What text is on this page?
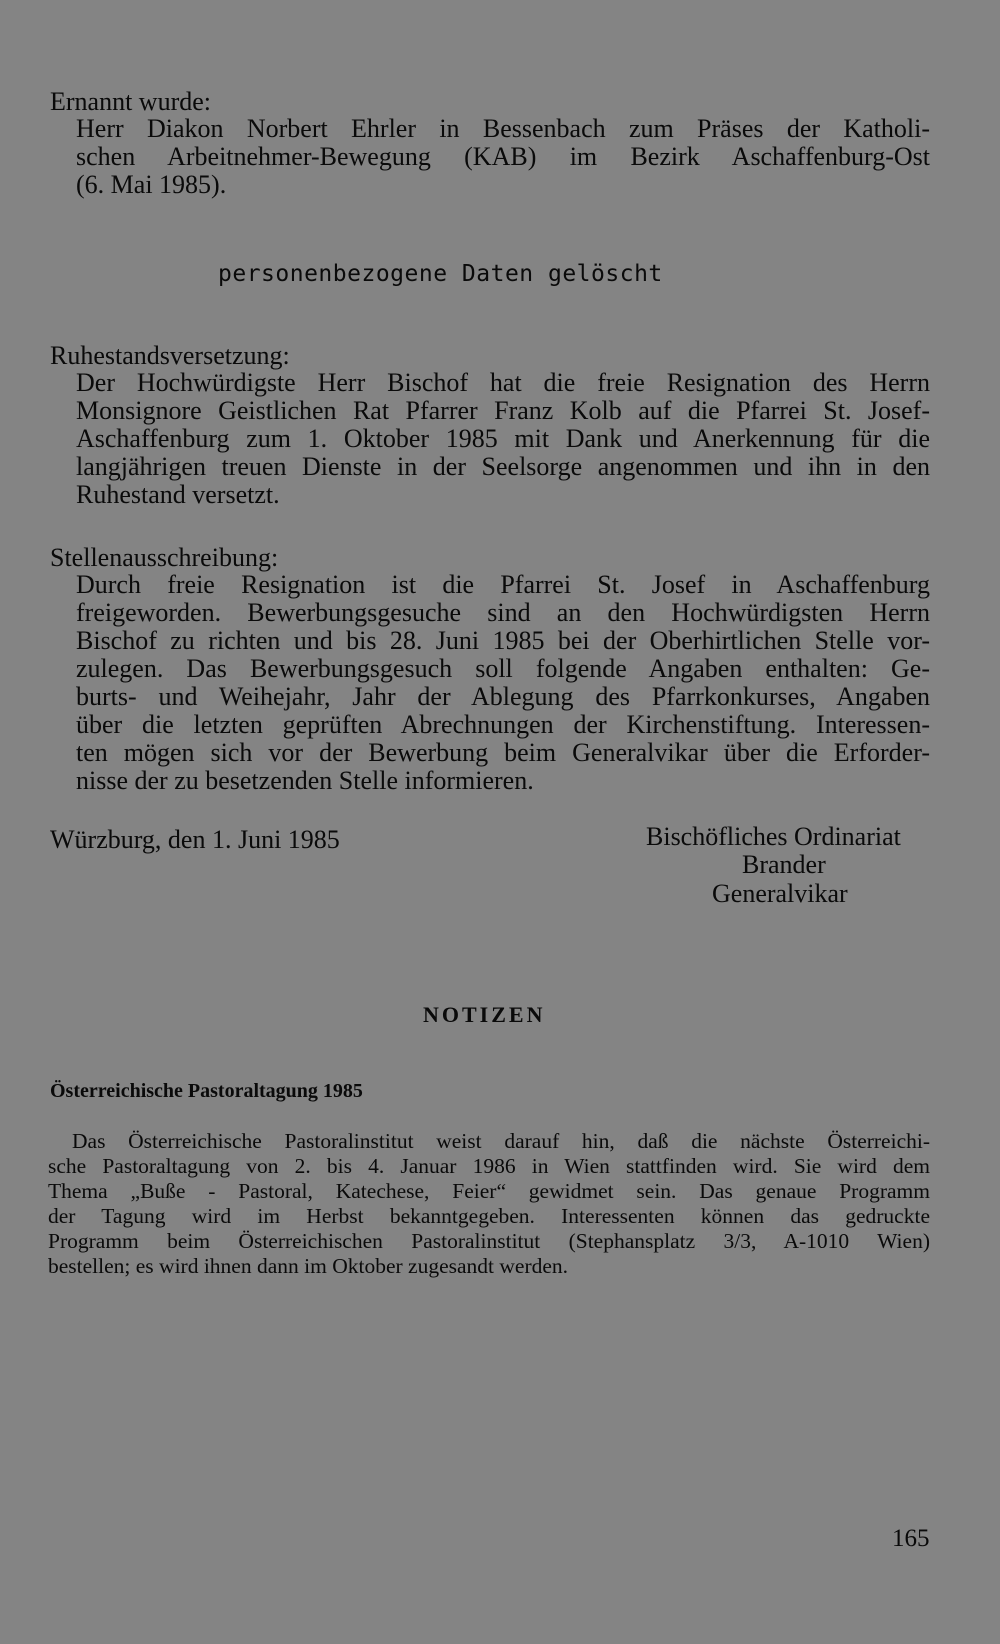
Ernannt wurde:
Herr Diakon Norbert Ehrler in Bessenbach zum Präses der Katholi-
schen Arbeitnehmer-Bewegung (KAB) im Bezirk Aschaffenburg-Ost
(6. Mai 1985).
personenbezogene Daten gelöscht
Ruhestandsversetzung:
Der Hochwürdigste Herr Bischof hat die freie Resignation des Herrn
Monsignore Geistlichen Rat Pfarrer Franz Kolb auf die Pfarrei St. Josef-
Aschaffenburg zum 1. Oktober 1985 mit Dank und Anerkennung für die
langjährigen treuen Dienste in der Seelsorge angenommen und ihn in den
Ruhestand versetzt.
Stellenausschreibung:
Durch freie Resignation ist die Pfarrei St. Josef in Aschaffenburg
freigeworden. Bewerbungsgesuche sind an den Hochwürdigsten Herrn
Bischof zu richten und bis 28. Juni 1985 bei der Oberhirtlichen Stelle vor-
zulegen. Das Bewerbungsgesuch soll folgende Angaben enthalten: Ge-
burts- und Weihejahr, Jahr der Ablegung des Pfarrkonkurses, Angaben
über die letzten geprüften Abrechnungen der Kirchenstiftung. Interessen-
ten mögen sich vor der Bewerbung beim Generalvikar über die Erforder-
nisse der zu besetzenden Stelle informieren.
Würzburg, den 1. Juni 1985	Bischöfliches Ordinariat
Brander
Generalvikar
NOTIZEN
Österreichische Pastoraltagung 1985
Das Österreichische Pastoralinstitut weist darauf hin, daß die nächste Österreichi-
sche Pastoraltagung von 2. bis 4. Januar 1986 in Wien stattfinden wird. Sie wird dem
Thema „Buße - Pastoral, Katechese, Feier“ gewidmet sein. Das genaue Programm
der Tagung wird im Herbst bekanntgegeben. Interessenten können das gedruckte
Programm beim Österreichischen Pastoralinstitut (Stephansplatz 3/3, A-1010 Wien)
bestellen; es wird ihnen dann im Oktober zugesandt werden.
165
